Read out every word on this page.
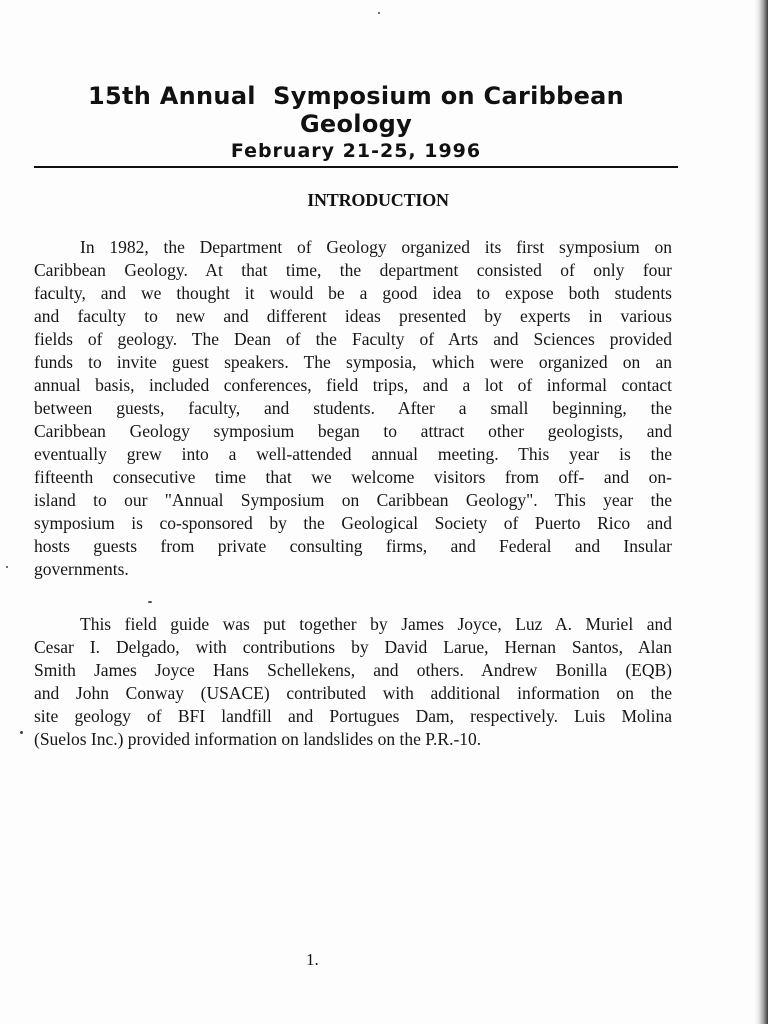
15th Annual  Symposium on Caribbean
Geology
February 21-25, 1996
INTRODUCTION
In 1982, the Department of Geology organized its first symposium on
Caribbean Geology. At that time, the department consisted of only four
faculty, and we thought it would be a good idea to expose both students
and faculty to new and different ideas presented by experts in various
fields of geology. The Dean of the Faculty of Arts and Sciences provided
funds to invite guest speakers. The symposia, which were organized on an
annual basis, included conferences, field trips, and a lot of informal contact
between guests, faculty, and students. After a small beginning, the
Caribbean Geology symposium began to attract other geologists, and
eventually grew into a well-attended annual meeting. This year is the
fifteenth consecutive time that we welcome visitors from off- and on-
island to our "Annual Symposium on Caribbean Geology". This year the
symposium is co-sponsored by the Geological Society of Puerto Rico and
hosts guests from private consulting firms, and Federal and Insular
governments.
This field guide was put together by James Joyce, Luz A. Muriel and
Cesar I. Delgado, with contributions by David Larue, Hernan Santos, Alan
Smith James Joyce Hans Schellekens, and others. Andrew Bonilla (EQB)
and John Conway (USACE) contributed with additional information on the
site geology of BFI landfill and Portugues Dam, respectively. Luis Molina
(Suelos Inc.) provided information on landslides on the P.R.-10.
1.
